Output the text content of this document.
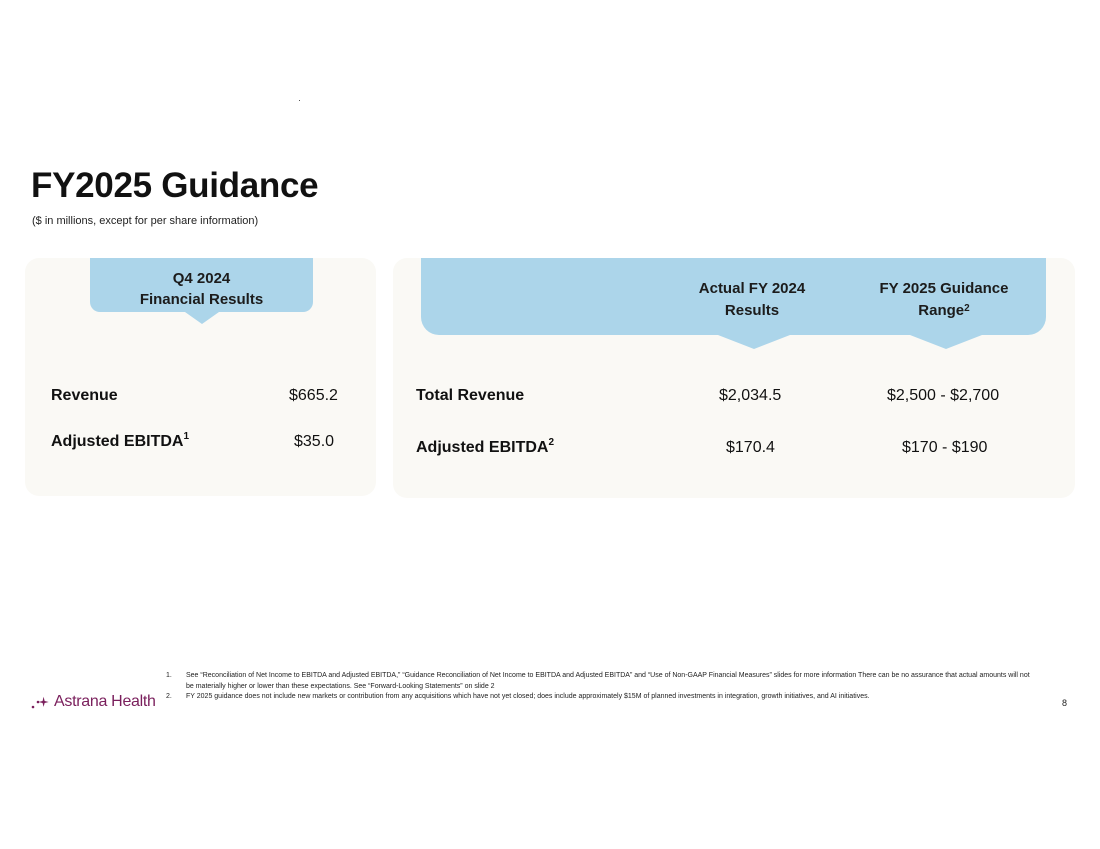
FY2025 Guidance
($ in millions, except for per share information)
Q4 2024
Financial Results
Revenue	$665.2
Adjusted EBITDA$^1$	$35.0
Actual FY 2024
Results
FY 2025 Guidance
Range$^2$
Total Revenue	$2,034.5	$2,500 - $2,700
Adjusted EBITDA$^2$	$170.4	$170 - $190
1.	See “Reconciliation of Net Income to EBITDA and Adjusted EBITDA,” “Guidance Reconciliation of Net Income to EBITDA and Adjusted EBITDA” and “Use of Non-GAAP Financial Measures” slides for more information There can be no assurance that actual amounts will not be materially higher or lower than these expectations. See “Forward-Looking Statements” on slide 2
2.	FY 2025 guidance does not include new markets or contribution from any acquisitions which have not yet closed; does include approximately $15M of planned investments in integration, growth initiatives, and AI initiatives.
Astrana Health	8
